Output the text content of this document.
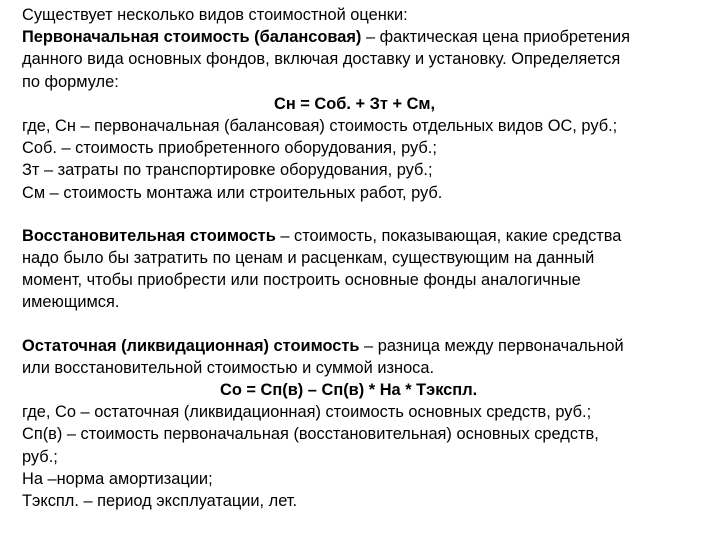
Существует несколько видов стоимостной оценки:
Первоначальная стоимость (балансовая) – фактическая цена приобретения
данного вида основных фондов, включая доставку и установку. Определяется
по формуле:
Сн = Соб. + Зт + См,
где, Сн – первоначальная (балансовая) стоимость отдельных видов ОС, руб.;
Соб. – стоимость приобретенного оборудования, руб.;
Зт – затраты по транспортировке оборудования, руб.;
См – стоимость монтажа или строительных работ, руб.
Восстановительная стоимость – стоимость, показывающая, какие средства
надо было бы затратить по ценам и расценкам, существующим на данный
момент, чтобы приобрести или построить основные фонды аналогичные
имеющимся.
Остаточная (ликвидационная) стоимость – разница между первоначальной
или восстановительной стоимостью и суммой износа.
Со = Сп(в) – Сп(в) * На * Тэкспл.
где, Со – остаточная (ликвидационная) стоимость основных средств, руб.;
Сп(в) – стоимость первоначальная (восстановительная) основных средств,
руб.;
На –норма амортизации;
Тэкспл. – период эксплуатации, лет.
